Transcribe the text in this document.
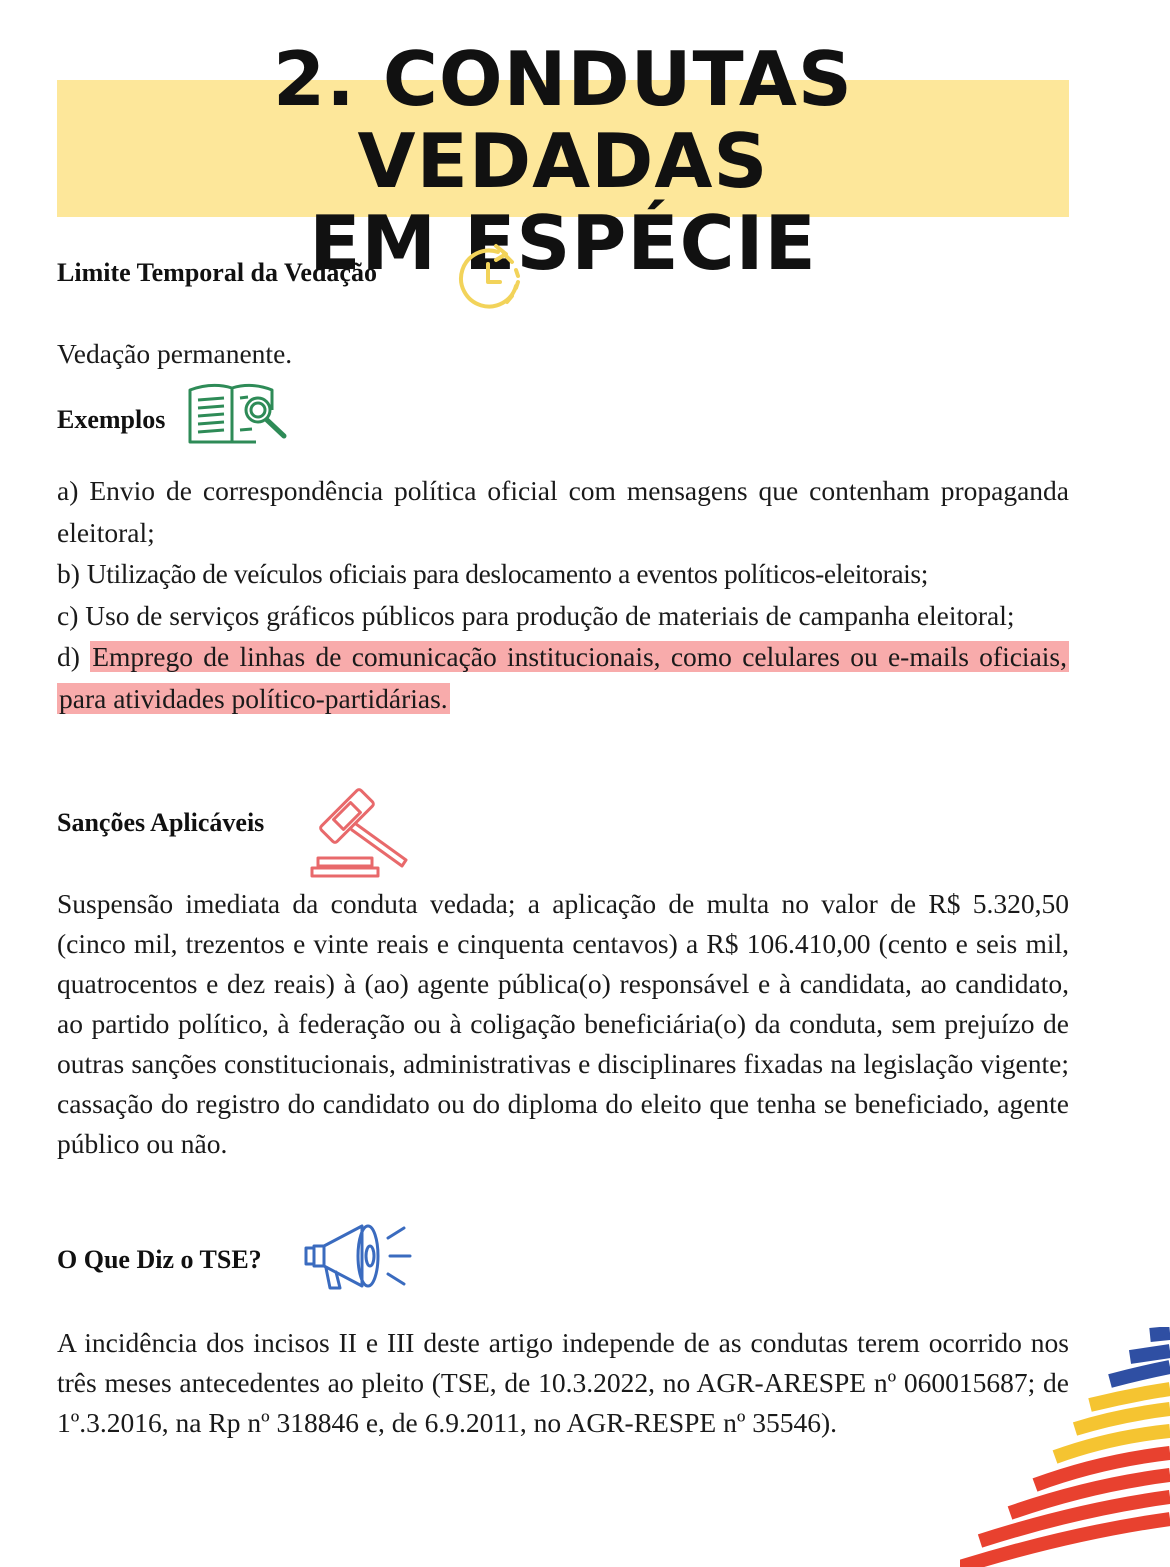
2. CONDUTAS VEDADAS
EM ESPÉCIE
Limite Temporal da Vedação

Vedação permanente.

Exemplos
a) Envio de correspondência política oficial com mensagens que contenham propaganda eleitoral;
b) Utilização de veículos oficiais para deslocamento a eventos políticos-eleitorais;
c) Uso de serviços gráficos públicos para produção de materiais de campanha eleitoral;
d) Emprego de linhas de comunicação institucionais, como celulares ou e-mails oficiais, para atividades político-partidárias.
Sanções Aplicáveis

Suspensão imediata da conduta vedada; a aplicação de multa no valor de R$ 5.320,50 (cinco mil, trezentos e vinte reais e cinquenta centavos) a R$ 106.410,00 (cento e seis mil, quatrocentos e dez reais) à (ao) agente pública(o) responsável e à candidata, ao candidato, ao partido político, à federação ou à coligação beneficiária(o) da conduta, sem prejuízo de outras sanções constitucionais, administrativas e disciplinares fixadas na legislação vigente; cassação do registro do candidato ou do diploma do eleito que tenha se beneficiado, agente público ou não.

O Que Diz o TSE?

A incidência dos incisos II e III deste artigo independe de as condutas terem ocorrido nos três meses antecedentes ao pleito (TSE, de 10.3.2022, no AGR-ARESPE nº 060015687; de 1º.3.2016, na Rp nº 318846 e, de 6.9.2011, no AGR-RESPE nº 35546).
